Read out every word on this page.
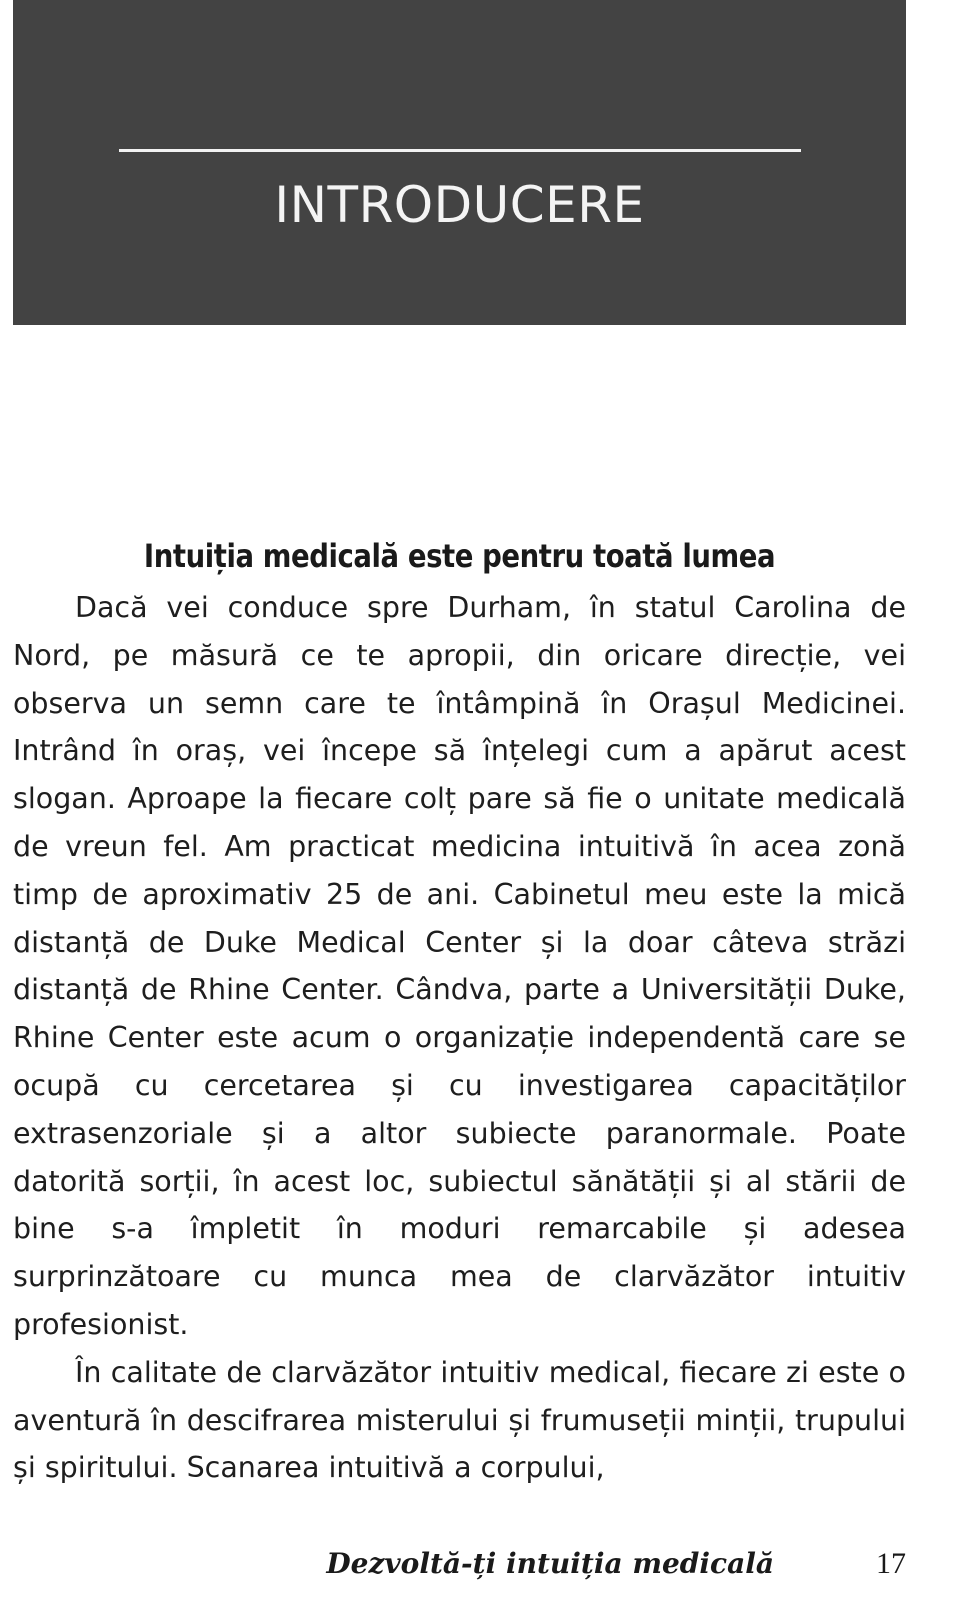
INTRODUCERE
Intuiția medicală este pentru toată lumea

Dacă vei conduce spre Durham, în statul Carolina de Nord, pe măsură ce te apropii, din oricare direcție, vei observa un semn care te întâmpină în Orașul Medicinei. Intrând în oraș, vei începe să înțelegi cum a apărut acest slogan. Aproape la fiecare colț pare să fie o unitate medicală de vreun fel. Am practicat medicina intuitivă în acea zonă timp de aproximativ 25 de ani. Cabinetul meu este la mică distanță de Duke Medical Center și la doar câteva străzi distanță de Rhine Center. Cândva, parte a Universității Duke, Rhine Center este acum o organizație independentă care se ocupă cu cercetarea și cu investigarea capacităților extrasenzoriale și a altor subiecte paranormale. Poate datorită sorții, în acest loc, subiectul sănătății și al stării de bine s-a împletit în moduri remarcabile și adesea surprinzătoare cu munca mea de clarvăzător intuitiv profesionist.

În calitate de clarvăzător intuitiv medical, fiecare zi este o aventură în descifrarea misterului și frumuseții minții, trupului și spiritului. Scanarea intuitivă a corpului,

Dezvoltă-ți intuiția medicală	17
